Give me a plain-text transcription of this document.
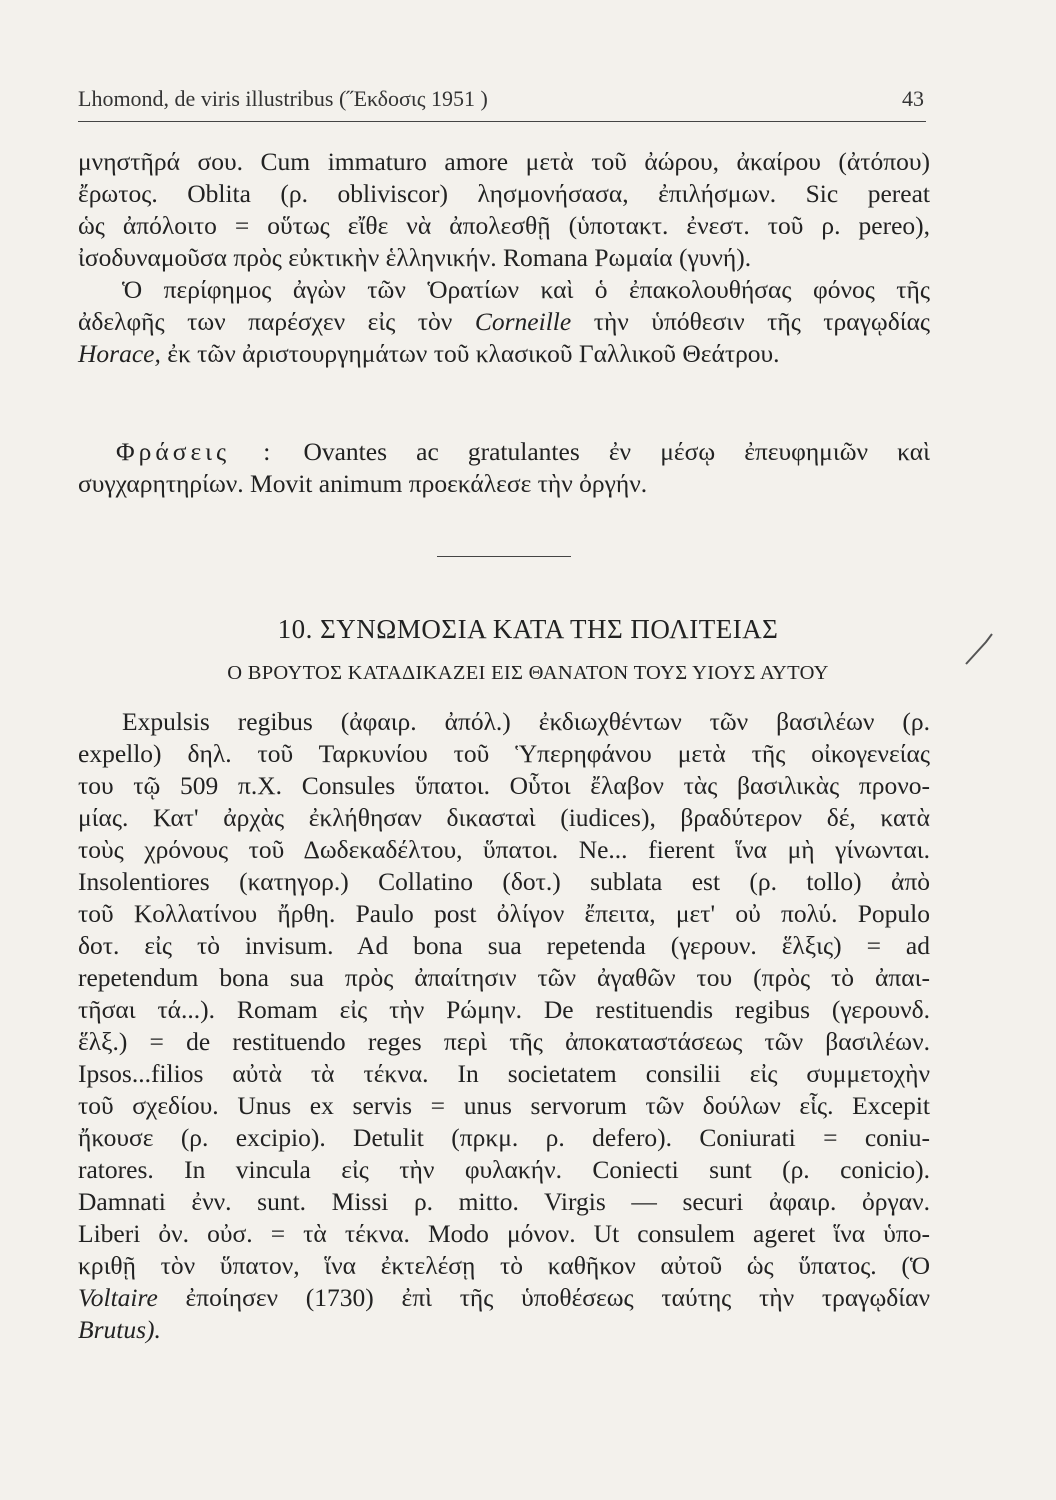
Lhomond, de viris illustribus (˝Εκδοσις 1951 )	43
μνηστῆρά σου. Cum immaturo amore μετὰ τοῦ ἀώρου, ἀκαίρου (ἀτόπου)
ἔρωτος. Oblita (ρ. obliviscor) λησμονήσασα, ἐπιλήσμων. Sic pereat
ὡς ἀπόλοιτο = οὕτως εἴθε νὰ ἀπολεσθῇ (ὑποτακτ. ἐνεστ. τοῦ ρ. pereo),
ἰσοδυναμοῦσα πρὸς εὐκτικὴν ἑλληνικήν. Romana Ρωμαία (γυνή).
Ὁ περίφημος ἀγὼν τῶν Ὁρατίων καὶ ὁ ἐπακολουθήσας φόνος τῆς
ἀδελφῆς των παρέσχεν εἰς τὸν Corneille τὴν ὑπόθεσιν τῆς τραγῳδίας
Horace, ἐκ τῶν ἀριστουργημάτων τοῦ κλασικοῦ Γαλλικοῦ Θεάτρου.
Φράσεις : Ovantes ac gratulantes ἐν μέσῳ ἐπευφημιῶν καὶ
συγχαρητηρίων. Movit animum προεκάλεσε τὴν ὀργήν.
10. ΣΥΝΩΜΟΣΙΑ ΚΑΤΑ ΤΗΣ ΠΟΛΙΤΕΙΑΣ
Ο ΒΡΟΥΤΟΣ ΚΑΤΑΔΙΚΑΖΕΙ ΕΙΣ ΘΑΝΑΤΟΝ ΤΟΥΣ ΥΙΟΥΣ ΑΥΤΟΥ
Expulsis regibus (ἀφαιρ. ἀπόλ.) ἐκδιωχθέντων τῶν βασιλέων (ρ.
expello) δηλ. τοῦ Ταρκυνίου τοῦ Ὑπερηφάνου μετὰ τῆς οἰκογενείας
του τῷ 509 π.Χ. Consules ὕπατοι. Οὗτοι ἔλαβον τὰς βασιλικὰς προνο-
μίας. Κατ' ἀρχὰς ἐκλήθησαν δικασταὶ (iudices), βραδύτερον δέ, κατὰ
τοὺς χρόνους τοῦ Δωδεκαδέλτου, ὕπατοι. Ne... fierent ἵνα μὴ γίνωνται.
Insolentiores (κατηγορ.) Collatino (δοτ.) sublata est (ρ. tollo) ἀπὸ
τοῦ Κολλατίνου ἤρθη. Paulo post ὀλίγον ἔπειτα, μετ' οὐ πολύ. Populo
δοτ. εἰς τὸ invisum. Ad bona sua repetenda (γερουν. ἕλξις) = ad
repetendum bona sua πρὸς ἀπαίτησιν τῶν ἀγαθῶν του (πρὸς τὸ ἀπαι-
τῆσαι τά...). Romam εἰς τὴν Ρώμην. De restituendis regibus (γερουνδ.
ἕλξ.) = de restituendo reges περὶ τῆς ἀποκαταστάσεως τῶν βασιλέων.
Ipsos...filios αὐτὰ τὰ τέκνα. In societatem consilii εἰς συμμετοχὴν
τοῦ σχεδίου. Unus ex servis = unus servorum τῶν δούλων εἷς. Excepit
ἤκουσε (ρ. excipio). Detulit (πρκμ. ρ. defero). Coniurati = coniu-
ratores. In vincula εἰς τὴν φυλακήν. Coniecti sunt (ρ. conicio).
Damnati ἐνν. sunt. Missi ρ. mitto. Virgis — securi ἀφαιρ. ὀργαν.
Liberi ὀν. οὐσ. = τὰ τέκνα. Modo μόνον. Ut consulem ageret ἵνα ὑπο-
κριθῇ τὸν ὕπατον, ἵνα ἐκτελέσῃ τὸ καθῆκον αὐτοῦ ὡς ὕπατος. (Ὁ
Voltaire ἐποίησεν (1730) ἐπὶ τῆς ὑποθέσεως ταύτης τὴν τραγῳδίαν
Brutus).
